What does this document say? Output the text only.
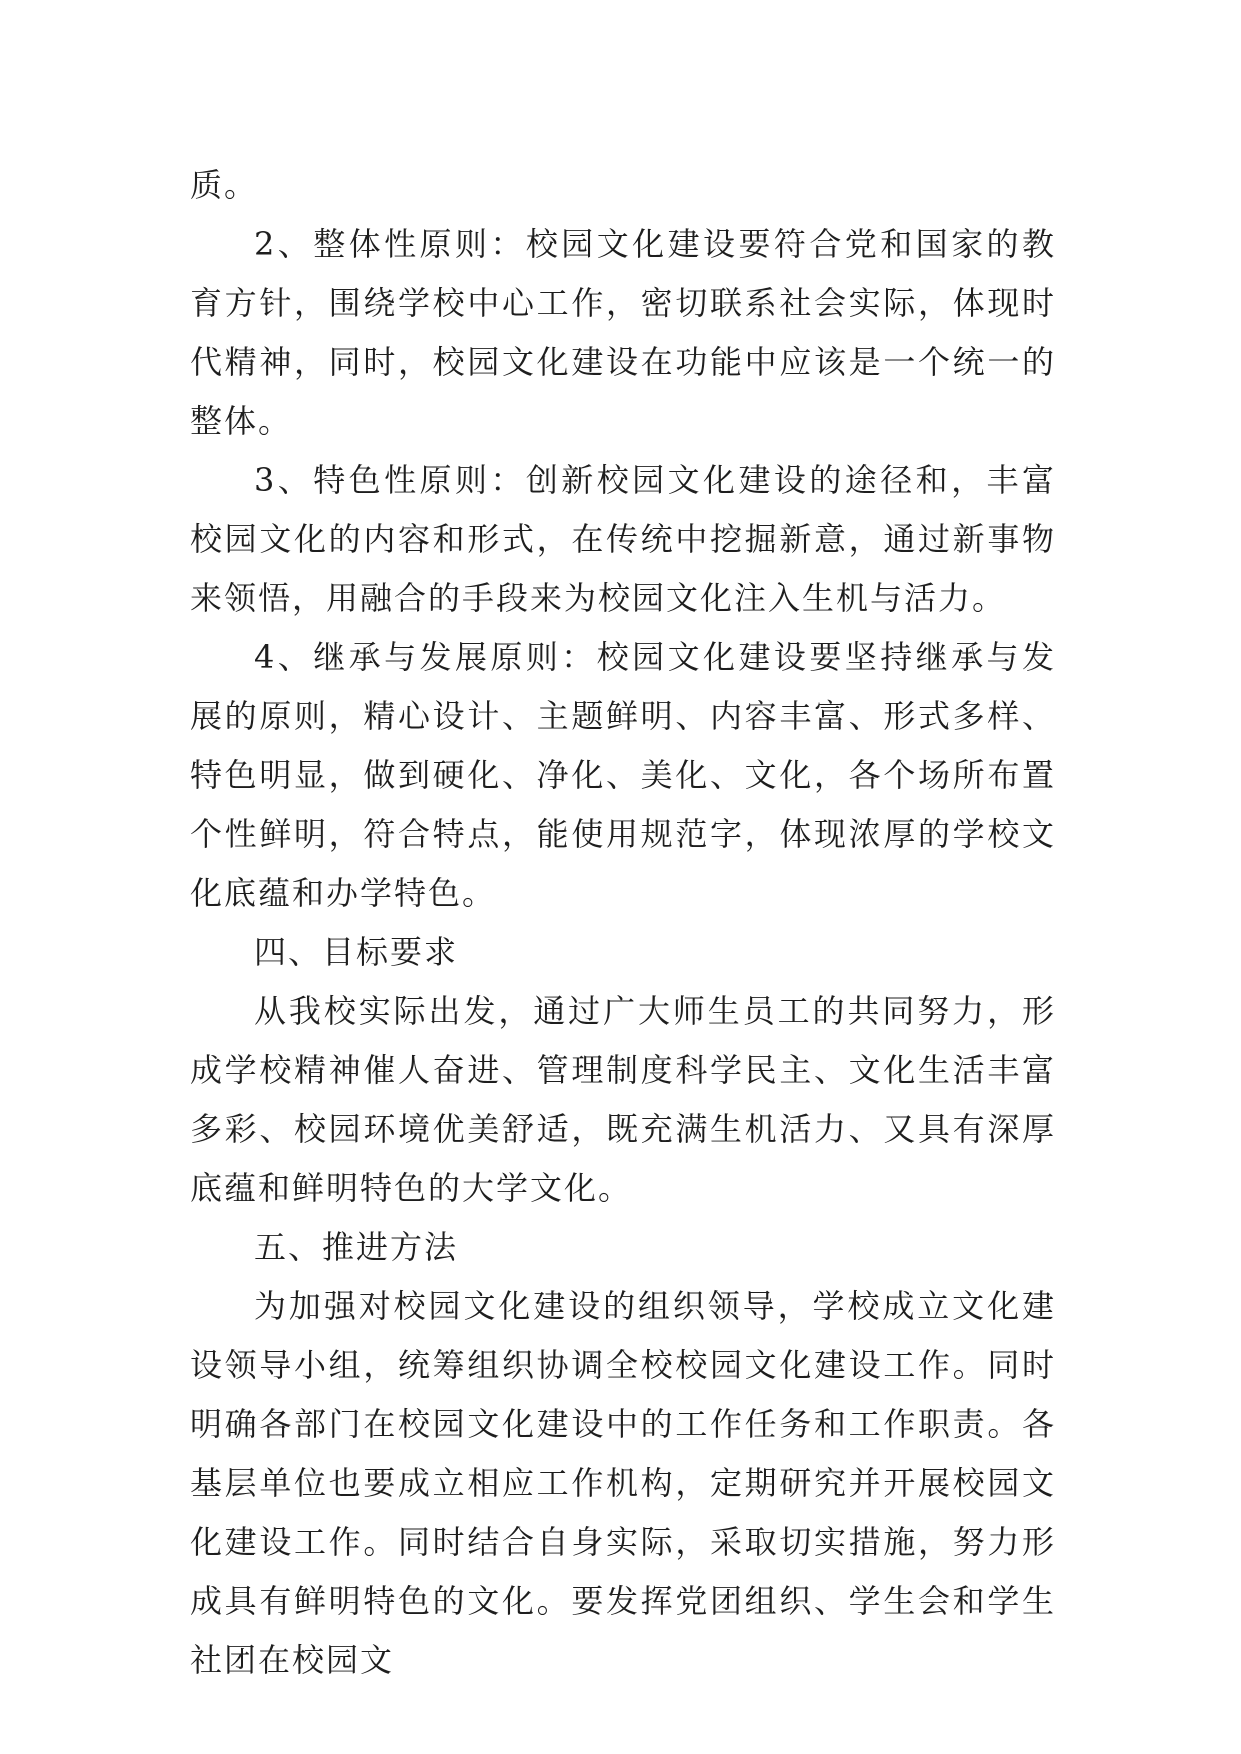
质。

2、整体性原则：校园文化建设要符合党和国家的教育方针，围绕学校中心工作，密切联系社会实际，体现时代精神，同时，校园文化建设在功能中应该是一个统一的整体。

3、特色性原则：创新校园文化建设的途径和，丰富校园文化的内容和形式，在传统中挖掘新意，通过新事物来领悟，用融合的手段来为校园文化注入生机与活力。

4、继承与发展原则：校园文化建设要坚持继承与发展的原则，精心设计、主题鲜明、内容丰富、形式多样、特色明显，做到硬化、净化、美化、文化，各个场所布置个性鲜明，符合特点，能使用规范字，体现浓厚的学校文化底蕴和办学特色。

四、目标要求

从我校实际出发，通过广大师生员工的共同努力，形成学校精神催人奋进、管理制度科学民主、文化生活丰富多彩、校园环境优美舒适，既充满生机活力、又具有深厚底蕴和鲜明特色的大学文化。

五、推进方法

为加强对校园文化建设的组织领导，学校成立文化建设领导小组，统筹组织协调全校校园文化建设工作。同时明确各部门在校园文化建设中的工作任务和工作职责。各基层单位也要成立相应工作机构，定期研究并开展校园文化建设工作。同时结合自身实际，采取切实措施，努力形成具有鲜明特色的文化。要发挥党团组织、学生会和学生社团在校园文
